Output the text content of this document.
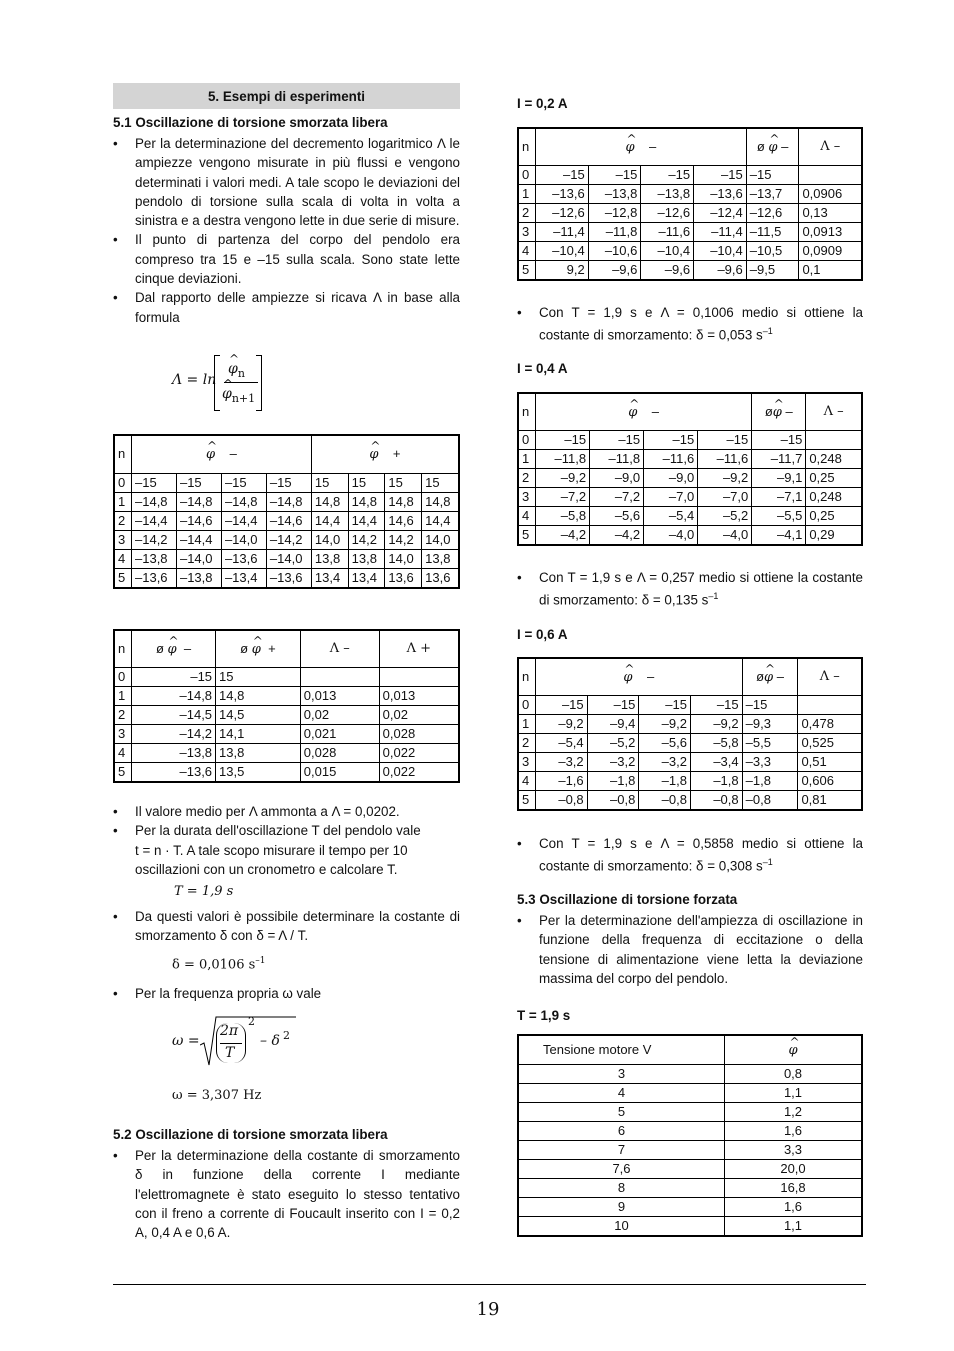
5. Esempi di esperimenti
5.1 Oscillazione di torsione smorzata libera

• Per la determinazione del decremento logaritmico Λ le ampiezze vengono misurate in più flussi e vengono determinati i valori medi. A tale scopo le deviazioni del pendolo di torsione sulla scala di volta in volta a sinistra e a destra vengono lette in due serie di misure.

• Il punto di partenza del corpo del pendolo era compreso tra 15 e –15 sulla scala. Sono state lette cinque deviazioni.

• Dal rapporto delle ampiezze si ricava Λ in base alla formula

Λ = ln
^ $\varphi_n$
^ $\varphi_{n+1}$
n	^ φ –				^ φ +
0	–15	–15	–15	–15	15	15	15	15
1	–14,8	–14,8	–14,8	–14,8	14,8	14,8	14,8	14,8
2	–14,4	–14,6	–14,4	–14,6	14,4	14,4	14,6	14,4
3	–14,2	–14,4	–14,0	–14,2	14,0	14,2	14,2	14,0
4	–13,8	–14,0	–13,6	–14,0	13,8	13,8	14,0	13,8
5	–13,6	–13,8	–13,4	–13,6	13,4	13,4	13,6	13,6
n	ø ^ φ –	ø ^ φ +	Λ –	Λ +
0	–15	15		
1	–14,8	14,8	0,013	0,013
2	–14,5	14,5	0,02	0,02
3	–14,2	14,1	0,021	0,028
4	–13,8	13,8	0,028	0,022
5	–13,6	13,5	0,015	0,022

• Il valore medio per Λ ammonta a Λ = 0,0202.

• Per la durata dell'oscillazione T del pendolo vale

t = n · T. A tale scopo misurare il tempo per 10 oscillazioni con un cronometro e calcolare T.

T = 1,9 s

• Da questi valori è possibile determinare la costante di smorzamento δ con δ = Λ / T.

δ = 0,0106 $s^{-1}$

• Per la frequenza propria ω vale

ω =
2π
T
2
– δ 2
ω = 3,307 Hz
5.2 Oscillazione di torsione smorzata libera

• Per la determinazione della costante di smorzamento δ in funzione della corrente I mediante l'elettromagnete è stato eseguito lo stesso tentativo con il freno a corrente di Foucault inserito con I = 0,2 A, 0,4 A e 0,6 A.

I = 0,2 A
n	^ φ –				ø ^ φ –	Λ –
0	–15	–15	–15	–15	–15	
1	–13,6	–13,8	–13,8	–13,6	–13,7	0,0906
2	–12,6	–12,8	–12,6	–12,4	–12,6	0,13
3	–11,4	–11,8	–11,6	–11,4	–11,5	0,0913
4	–10,4	–10,6	–10,4	–10,4	–10,5	0,0909
5	9,2	–9,6	–9,6	–9,6	–9,5	0,1

• Con T = 1,9 s e Λ = 0,1006 medio si ottiene la costante di smorzamento: δ = 0,053 $s^{-1}$

I = 0,4 A
n	^ φ –				ø^ φ –	Λ –
0	–15	–15	–15	–15	–15	
1	–11,8	–11,8	–11,6	–11,6	–11,7	0,248
2	–9,2	–9,0	–9,0	–9,2	–9,1	0,25
3	–7,2	–7,2	–7,0	–7,0	–7,1	0,248
4	–5,8	–5,6	–5,4	–5,2	–5,5	0,25
5	–4,2	–4,2	–4,0	–4,0	–4,1	0,29

• Con T = 1,9 s e Λ = 0,257 medio si ottiene la costante di smorzamento: δ = 0,135 $s^{-1}$

I = 0,6 A
n	^ φ –				ø^ φ –	Λ –
0	–15	–15	–15	–15	–15	
1	–9,2	–9,4	–9,2	–9,2	–9,3	0,478
2	–5,4	–5,2	–5,6	–5,8	–5,5	0,525
3	–3,2	–3,2	–3,2	–3,4	–3,3	0,51
4	–1,6	–1,8	–1,8	–1,8	–1,8	0,606
5	–0,8	–0,8	–0,8	–0,8	–0,8	0,81

• Con T = 1,9 s e Λ = 0,5858 medio si ottiene la costante di smorzamento: δ = 0,308 $s^{-1}$

5.3 Oscillazione di torsione forzata

• Per la determinazione dell'ampiezza di oscillazione in funzione della frequenza di eccitazione o della tensione di alimentazione viene letta la deviazione massima del corpo del pendolo.

T = 1,9 s
Tensione motore V	^ φ
3	0,8
4	1,1
5	1,2
6	1,6
7	3,3
7,6	20,0
8	16,8
9	1,6
10	1,1
19
